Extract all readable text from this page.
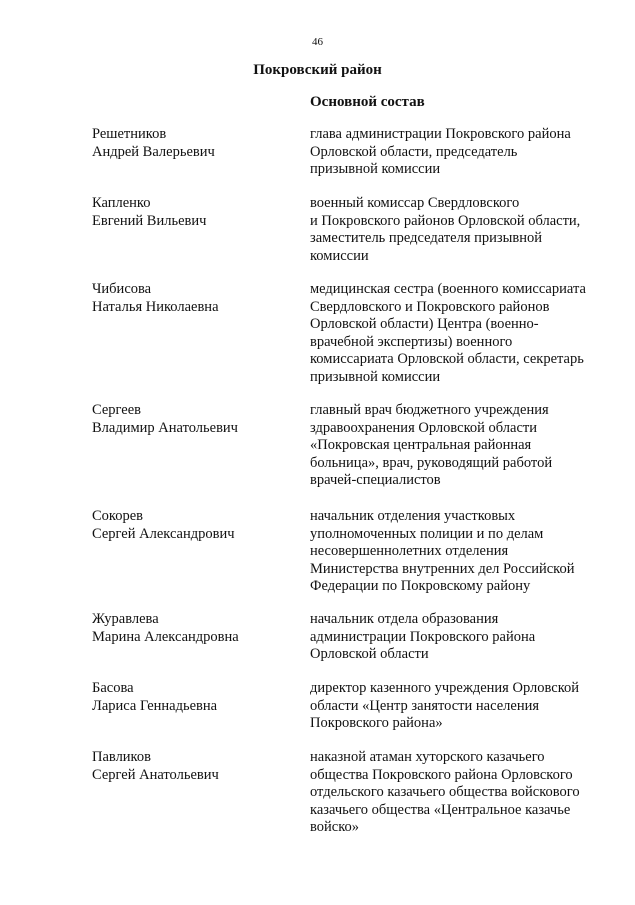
46
Покровский район
Основной состав
Решетников
Андрей Валерьевич
глава администрации Покровского района
Орловской области, председатель
призывной комиссии
Капленко
Евгений Вильевич
военный комиссар Свердловского
и Покровского районов Орловской области,
заместитель председателя призывной
комиссии
Чибисова
Наталья Николаевна
медицинская сестра (военного комиссариата
Свердловского и Покровского районов
Орловской области) Центра (военно-
врачебной экспертизы) военного
комиссариата Орловской области, секретарь
призывной комиссии
Сергеев
Владимир Анатольевич
главный врач бюджетного учреждения
здравоохранения Орловской области
«Покровская центральная районная
больница», врач, руководящий работой
врачей-специалистов
Сокорев
Сергей Александрович
начальник отделения участковых
уполномоченных полиции и по делам
несовершеннолетних отделения
Министерства внутренних дел Российской
Федерации по Покровскому району
Журавлева
Марина Александровна
начальник отдела образования
администрации Покровского района
Орловской области
Басова
Лариса Геннадьевна
директор казенного учреждения Орловской
области «Центр занятости населения
Покровского района»
Павликов
Сергей Анатольевич
наказной атаман хуторского казачьего
общества Покровского района Орловского
отдельского казачьего общества войскового
казачьего общества «Центральное казачье
войско»
